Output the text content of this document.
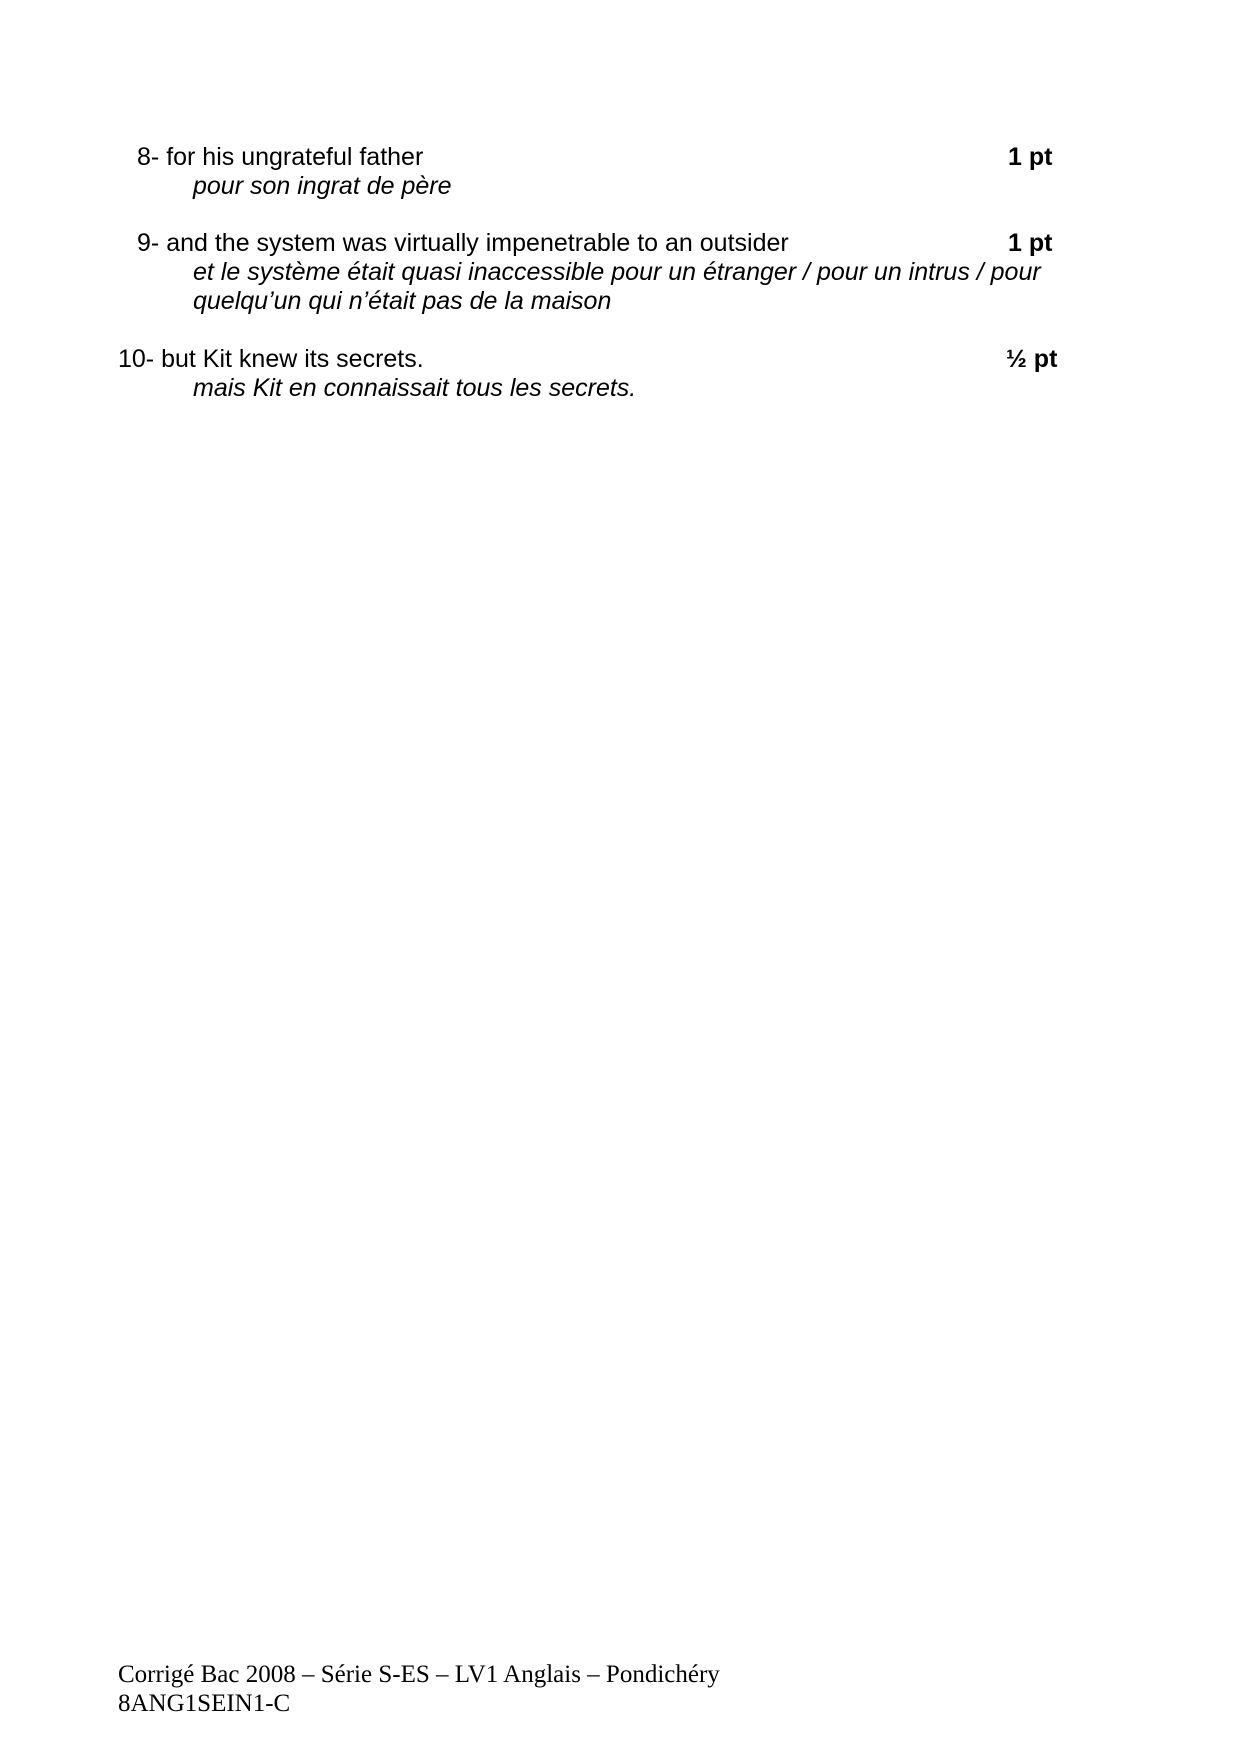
8- for his ungrateful father	1 pt
pour son ingrat de père
9- and the system was virtually impenetrable to an outsider	1 pt
et le système était quasi inaccessible pour un étranger / pour un intrus / pour
quelqu’un qui n’était pas de la maison
10- but Kit knew its secrets.	½ pt
mais Kit en connaissait tous les secrets.
Corrigé Bac 2008 – Série S-ES – LV1 Anglais – Pondichéry
8ANG1SEIN1-C
